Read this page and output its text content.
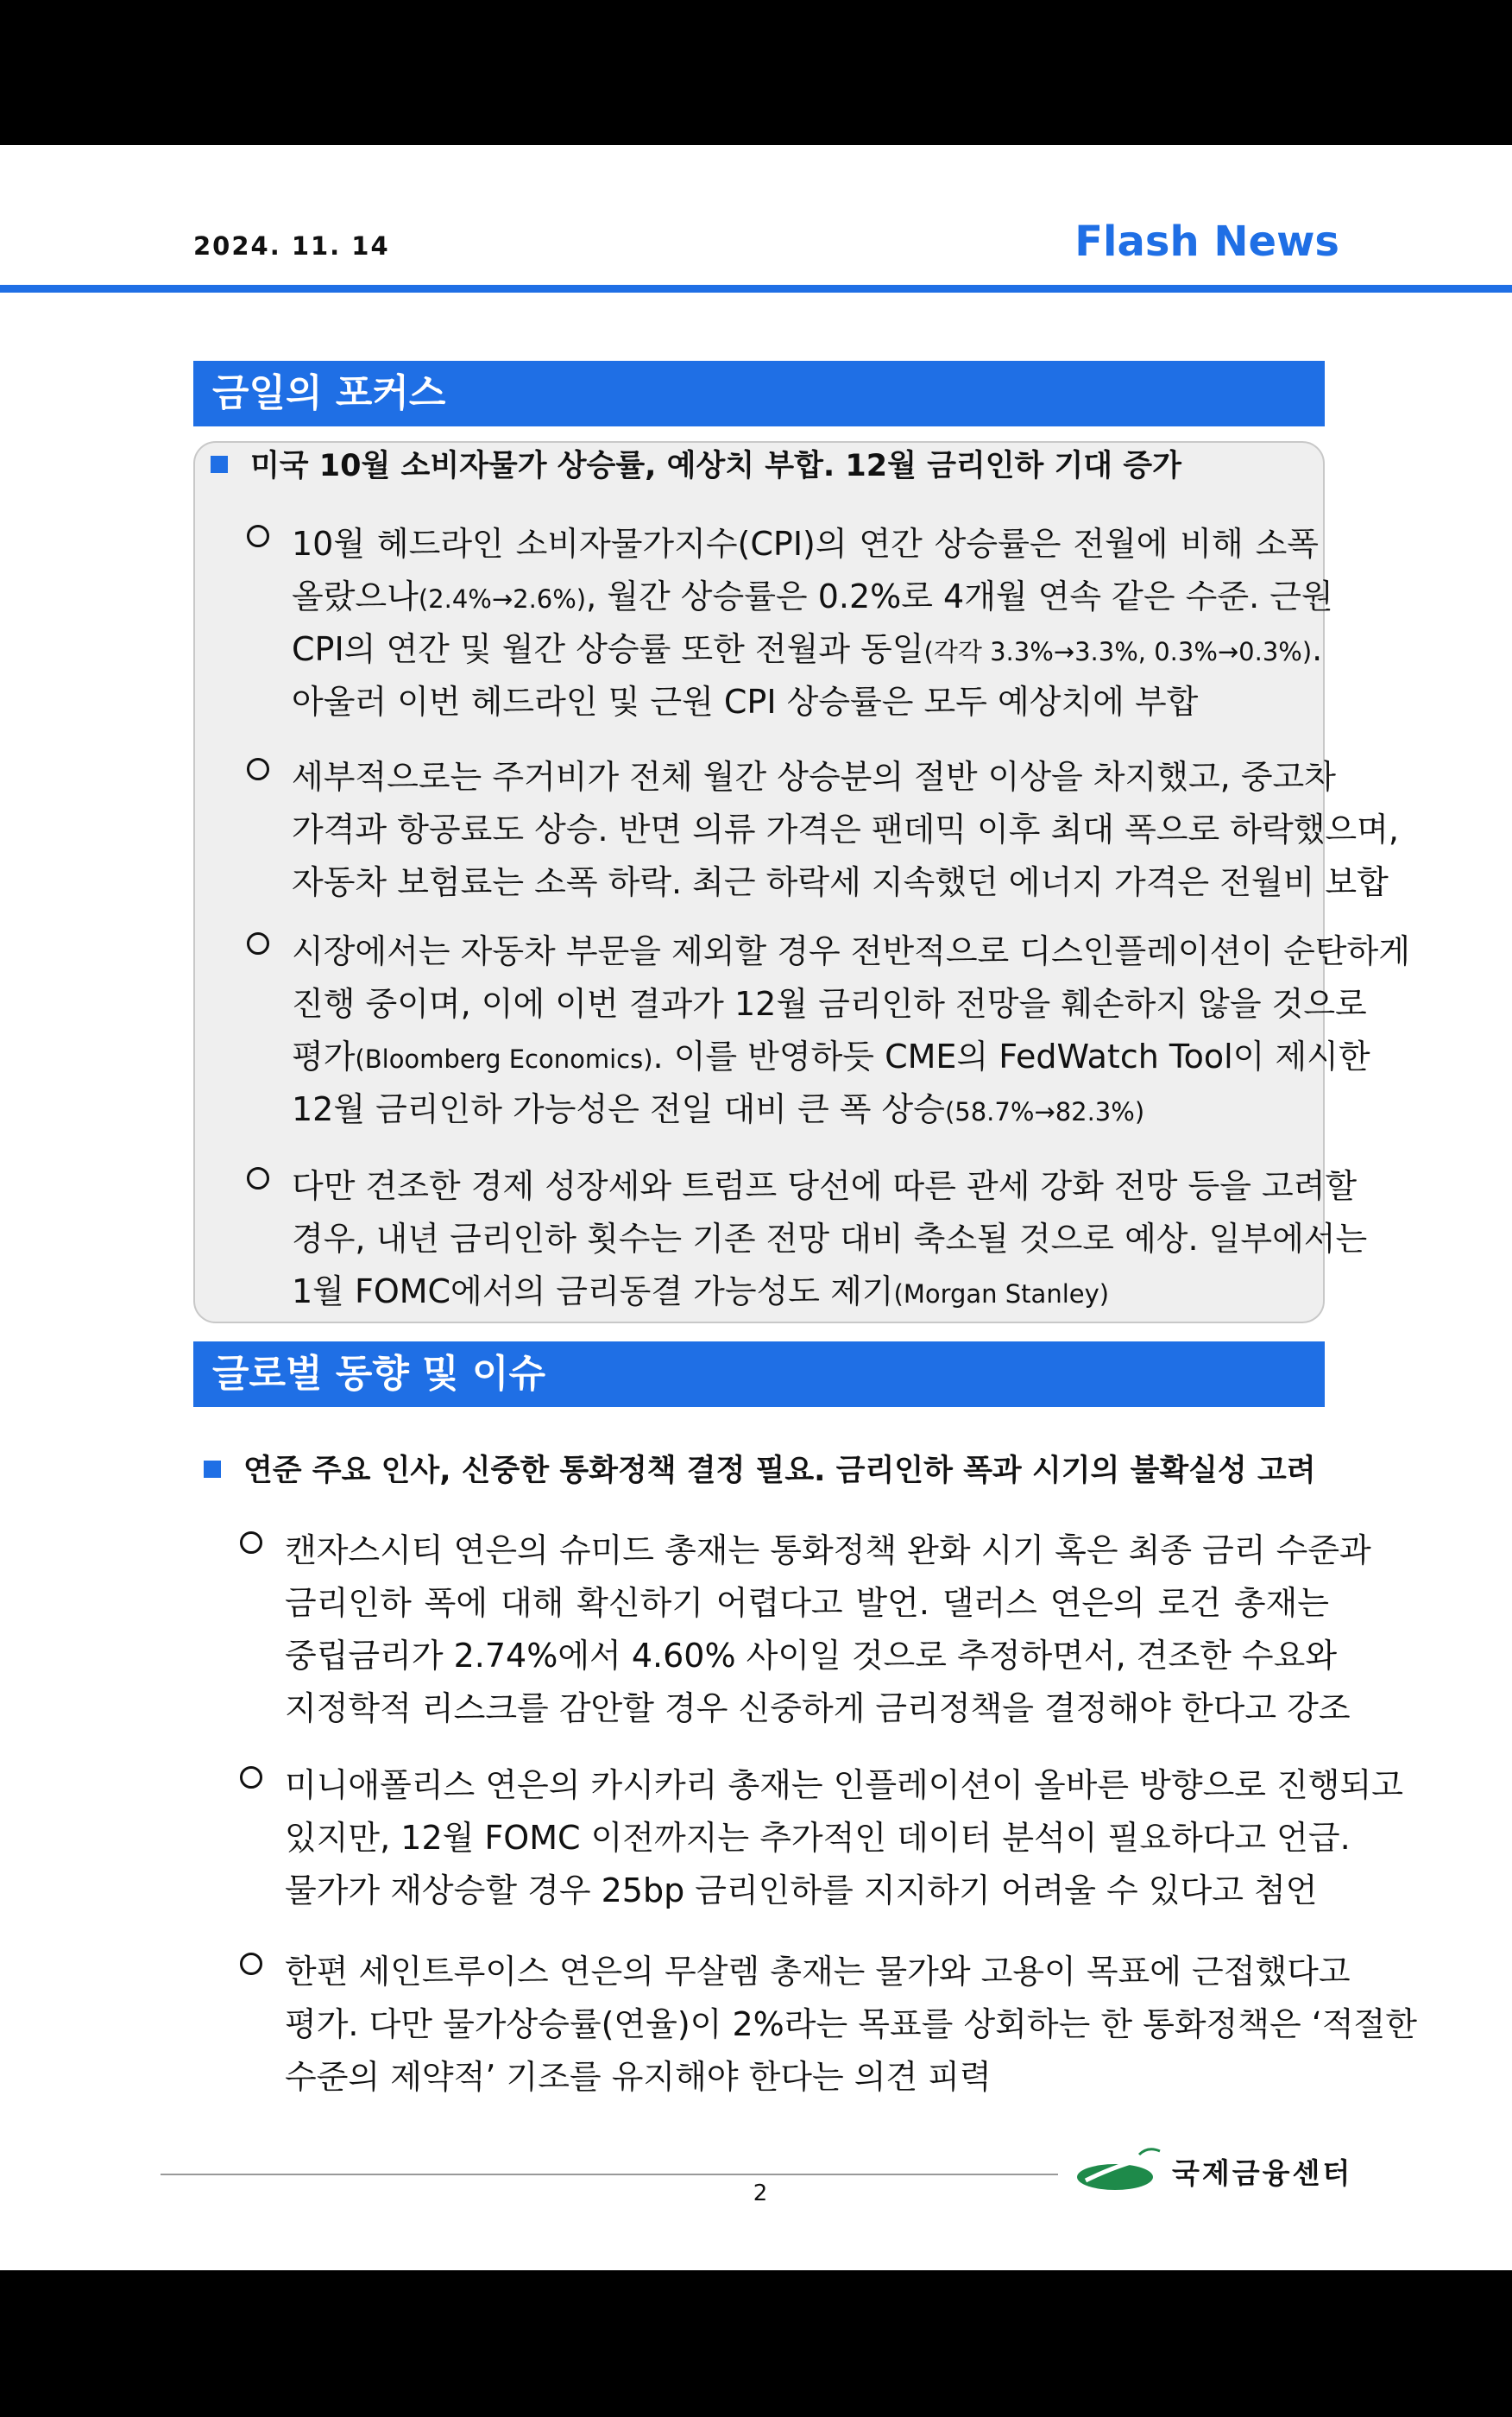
2024. 11. 14	Flash News
금일의 포커스
미국 10월 소비자물가 상승률, 예상치 부합. 12월 금리인하 기대 증가
글로벌 동향 및 이슈
연준 주요 인사, 신중한 통화정책 결정 필요. 금리인하 폭과 시기의 불확실성 고려
국제금융센터
2
10월 헤드라인 소비자물가지수(CPI)의 연간 상승률은 전월에 비해 소폭
올랐으나(2.4%→2.6%), 월간 상승률은 0.2%로 4개월 연속 같은 수준. 근원
CPI의 연간 및 월간 상승률 또한 전월과 동일(각각 3.3%→3.3%, 0.3%→0.3%).
아울러 이번 헤드라인 및 근원 CPI 상승률은 모두 예상치에 부합
세부적으로는 주거비가 전체 월간 상승분의 절반 이상을 차지했고, 중고차
가격과 항공료도 상승. 반면 의류 가격은 팬데믹 이후 최대 폭으로 하락했으며,
자동차 보험료는 소폭 하락. 최근 하락세 지속했던 에너지 가격은 전월비 보합
시장에서는 자동차 부문을 제외할 경우 전반적으로 디스인플레이션이 순탄하게
진행 중이며, 이에 이번 결과가 12월 금리인하 전망을 훼손하지 않을 것으로
평가(Bloomberg Economics). 이를 반영하듯 CME의 FedWatch Tool이 제시한
12월 금리인하 가능성은 전일 대비 큰 폭 상승(58.7%→82.3%)
다만 견조한 경제 성장세와 트럼프 당선에 따른 관세 강화 전망 등을 고려할
경우, 내년 금리인하 횟수는 기존 전망 대비 축소될 것으로 예상. 일부에서는
1월 FOMC에서의 금리동결 가능성도 제기(Morgan Stanley)
캔자스시티 연은의 슈미드 총재는 통화정책 완화 시기 혹은 최종 금리 수준과
금리인하 폭에 대해 확신하기 어렵다고 발언. 댈러스 연은의 로건 총재는
중립금리가 2.74%에서 4.60% 사이일 것으로 추정하면서, 견조한 수요와
지정학적 리스크를 감안할 경우 신중하게 금리정책을 결정해야 한다고 강조
미니애폴리스 연은의 카시카리 총재는 인플레이션이 올바른 방향으로 진행되고
있지만, 12월 FOMC 이전까지는 추가적인 데이터 분석이 필요하다고 언급.
물가가 재상승할 경우 25bp 금리인하를 지지하기 어려울 수 있다고 첨언
한편 세인트루이스 연은의 무살렘 총재는 물가와 고용이 목표에 근접했다고
평가. 다만 물가상승률(연율)이 2%라는 목표를 상회하는 한 통화정책은 ‘적절한
수준의 제약적’ 기조를 유지해야 한다는 의견 피력
